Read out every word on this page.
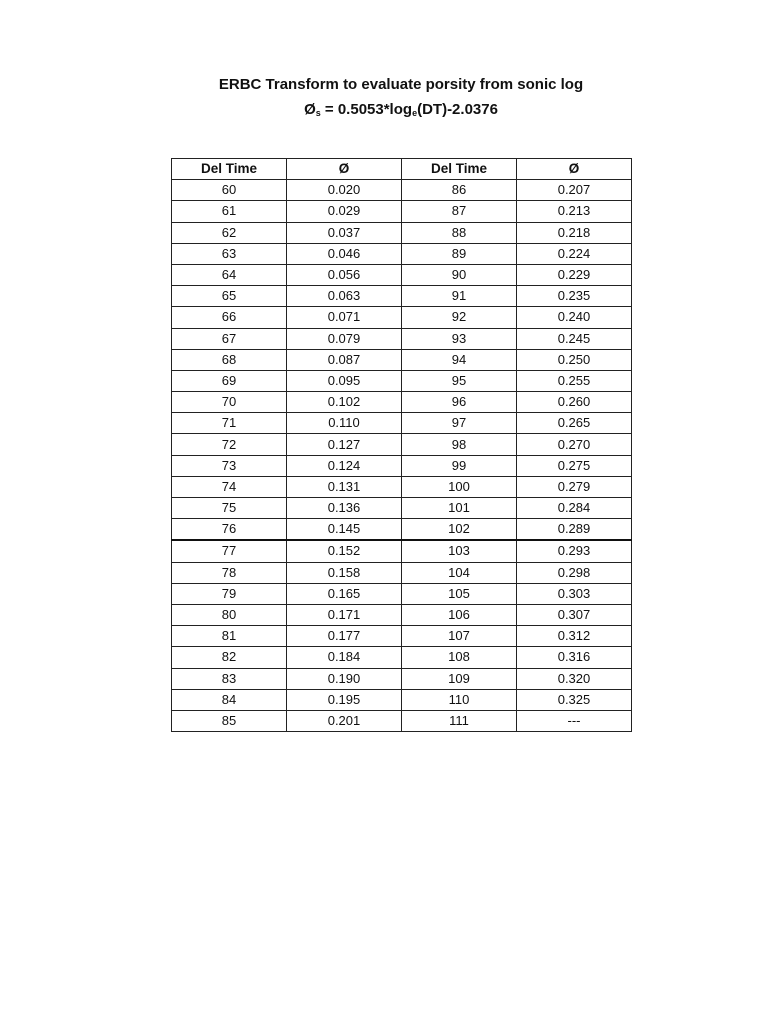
ERBC Transform to evaluate porsity from sonic log
$Ø_s = 0.5053*\log_e(DT)-2.0376$
Del Time	Ø	Del Time	Ø
60	0.020	86	0.207
61	0.029	87	0.213
62	0.037	88	0.218
63	0.046	89	0.224
64	0.056	90	0.229
65	0.063	91	0.235
66	0.071	92	0.240
67	0.079	93	0.245
68	0.087	94	0.250
69	0.095	95	0.255
70	0.102	96	0.260
71	0.110	97	0.265
72	0.127	98	0.270
73	0.124	99	0.275
74	0.131	100	0.279
75	0.136	101	0.284
76	0.145	102	0.289
77	0.152	103	0.293
78	0.158	104	0.298
79	0.165	105	0.303
80	0.171	106	0.307
81	0.177	107	0.312
82	0.184	108	0.316
83	0.190	109	0.320
84	0.195	110	0.325
85	0.201	111	---
